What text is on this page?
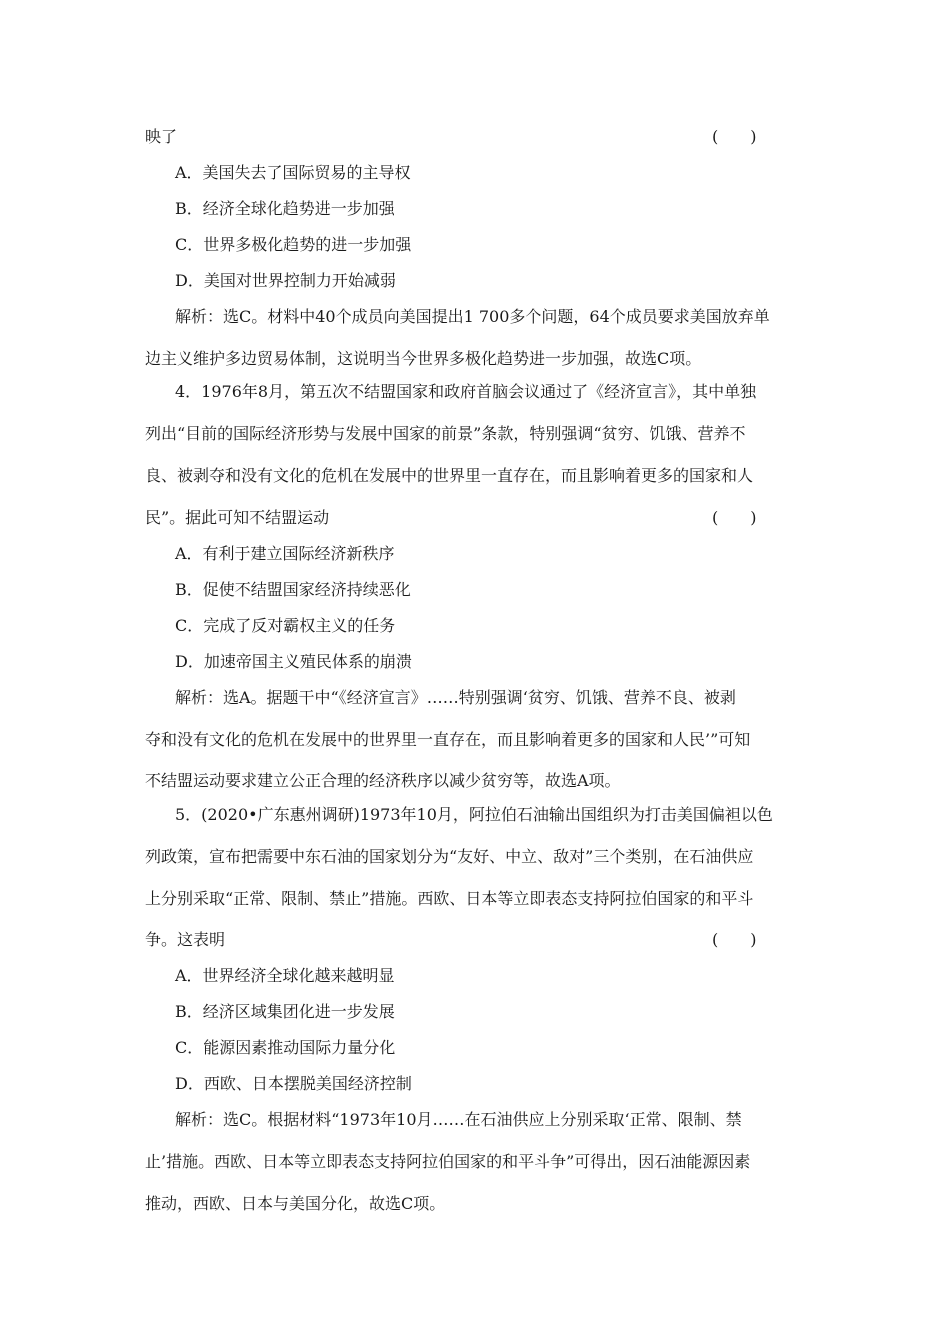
映了	(　　)
A．美国失去了国际贸易的主导权
B．经济全球化趋势进一步加强
C．世界多极化趋势的进一步加强
D．美国对世界控制力开始减弱
解析：选C。材料中40个成员向美国提出1 700多个问题，64个成员要求美国放弃单
边主义维护多边贸易体制，这说明当今世界多极化趋势进一步加强，故选C项。
4．1976年8月，第五次不结盟国家和政府首脑会议通过了《经济宣言》，其中单独
列出“目前的国际经济形势与发展中国家的前景”条款，特别强调“贫穷、饥饿、营养不
良、被剥夺和没有文化的危机在发展中的世界里一直存在，而且影响着更多的国家和人
民”。据此可知不结盟运动	(　　)
A．有利于建立国际经济新秩序
B．促使不结盟国家经济持续恶化
C．完成了反对霸权主义的任务
D．加速帝国主义殖民体系的崩溃
解析：选A。据题干中“《经济宣言》……特别强调‘贫穷、饥饿、营养不良、被剥
夺和没有文化的危机在发展中的世界里一直存在，而且影响着更多的国家和人民’”可知
不结盟运动要求建立公正合理的经济秩序以减少贫穷等，故选A项。
5．(2020•广东惠州调研)1973年10月，阿拉伯石油输出国组织为打击美国偏袒以色
列政策，宣布把需要中东石油的国家划分为“友好、中立、敌对”三个类别，在石油供应
上分别采取“正常、限制、禁止”措施。西欧、日本等立即表态支持阿拉伯国家的和平斗
争。这表明	(　　)
A．世界经济全球化越来越明显
B．经济区域集团化进一步发展
C．能源因素推动国际力量分化
D．西欧、日本摆脱美国经济控制
解析：选C。根据材料“1973年10月……在石油供应上分别采取‘正常、限制、禁
止’措施。西欧、日本等立即表态支持阿拉伯国家的和平斗争”可得出，因石油能源因素
推动，西欧、日本与美国分化，故选C项。
